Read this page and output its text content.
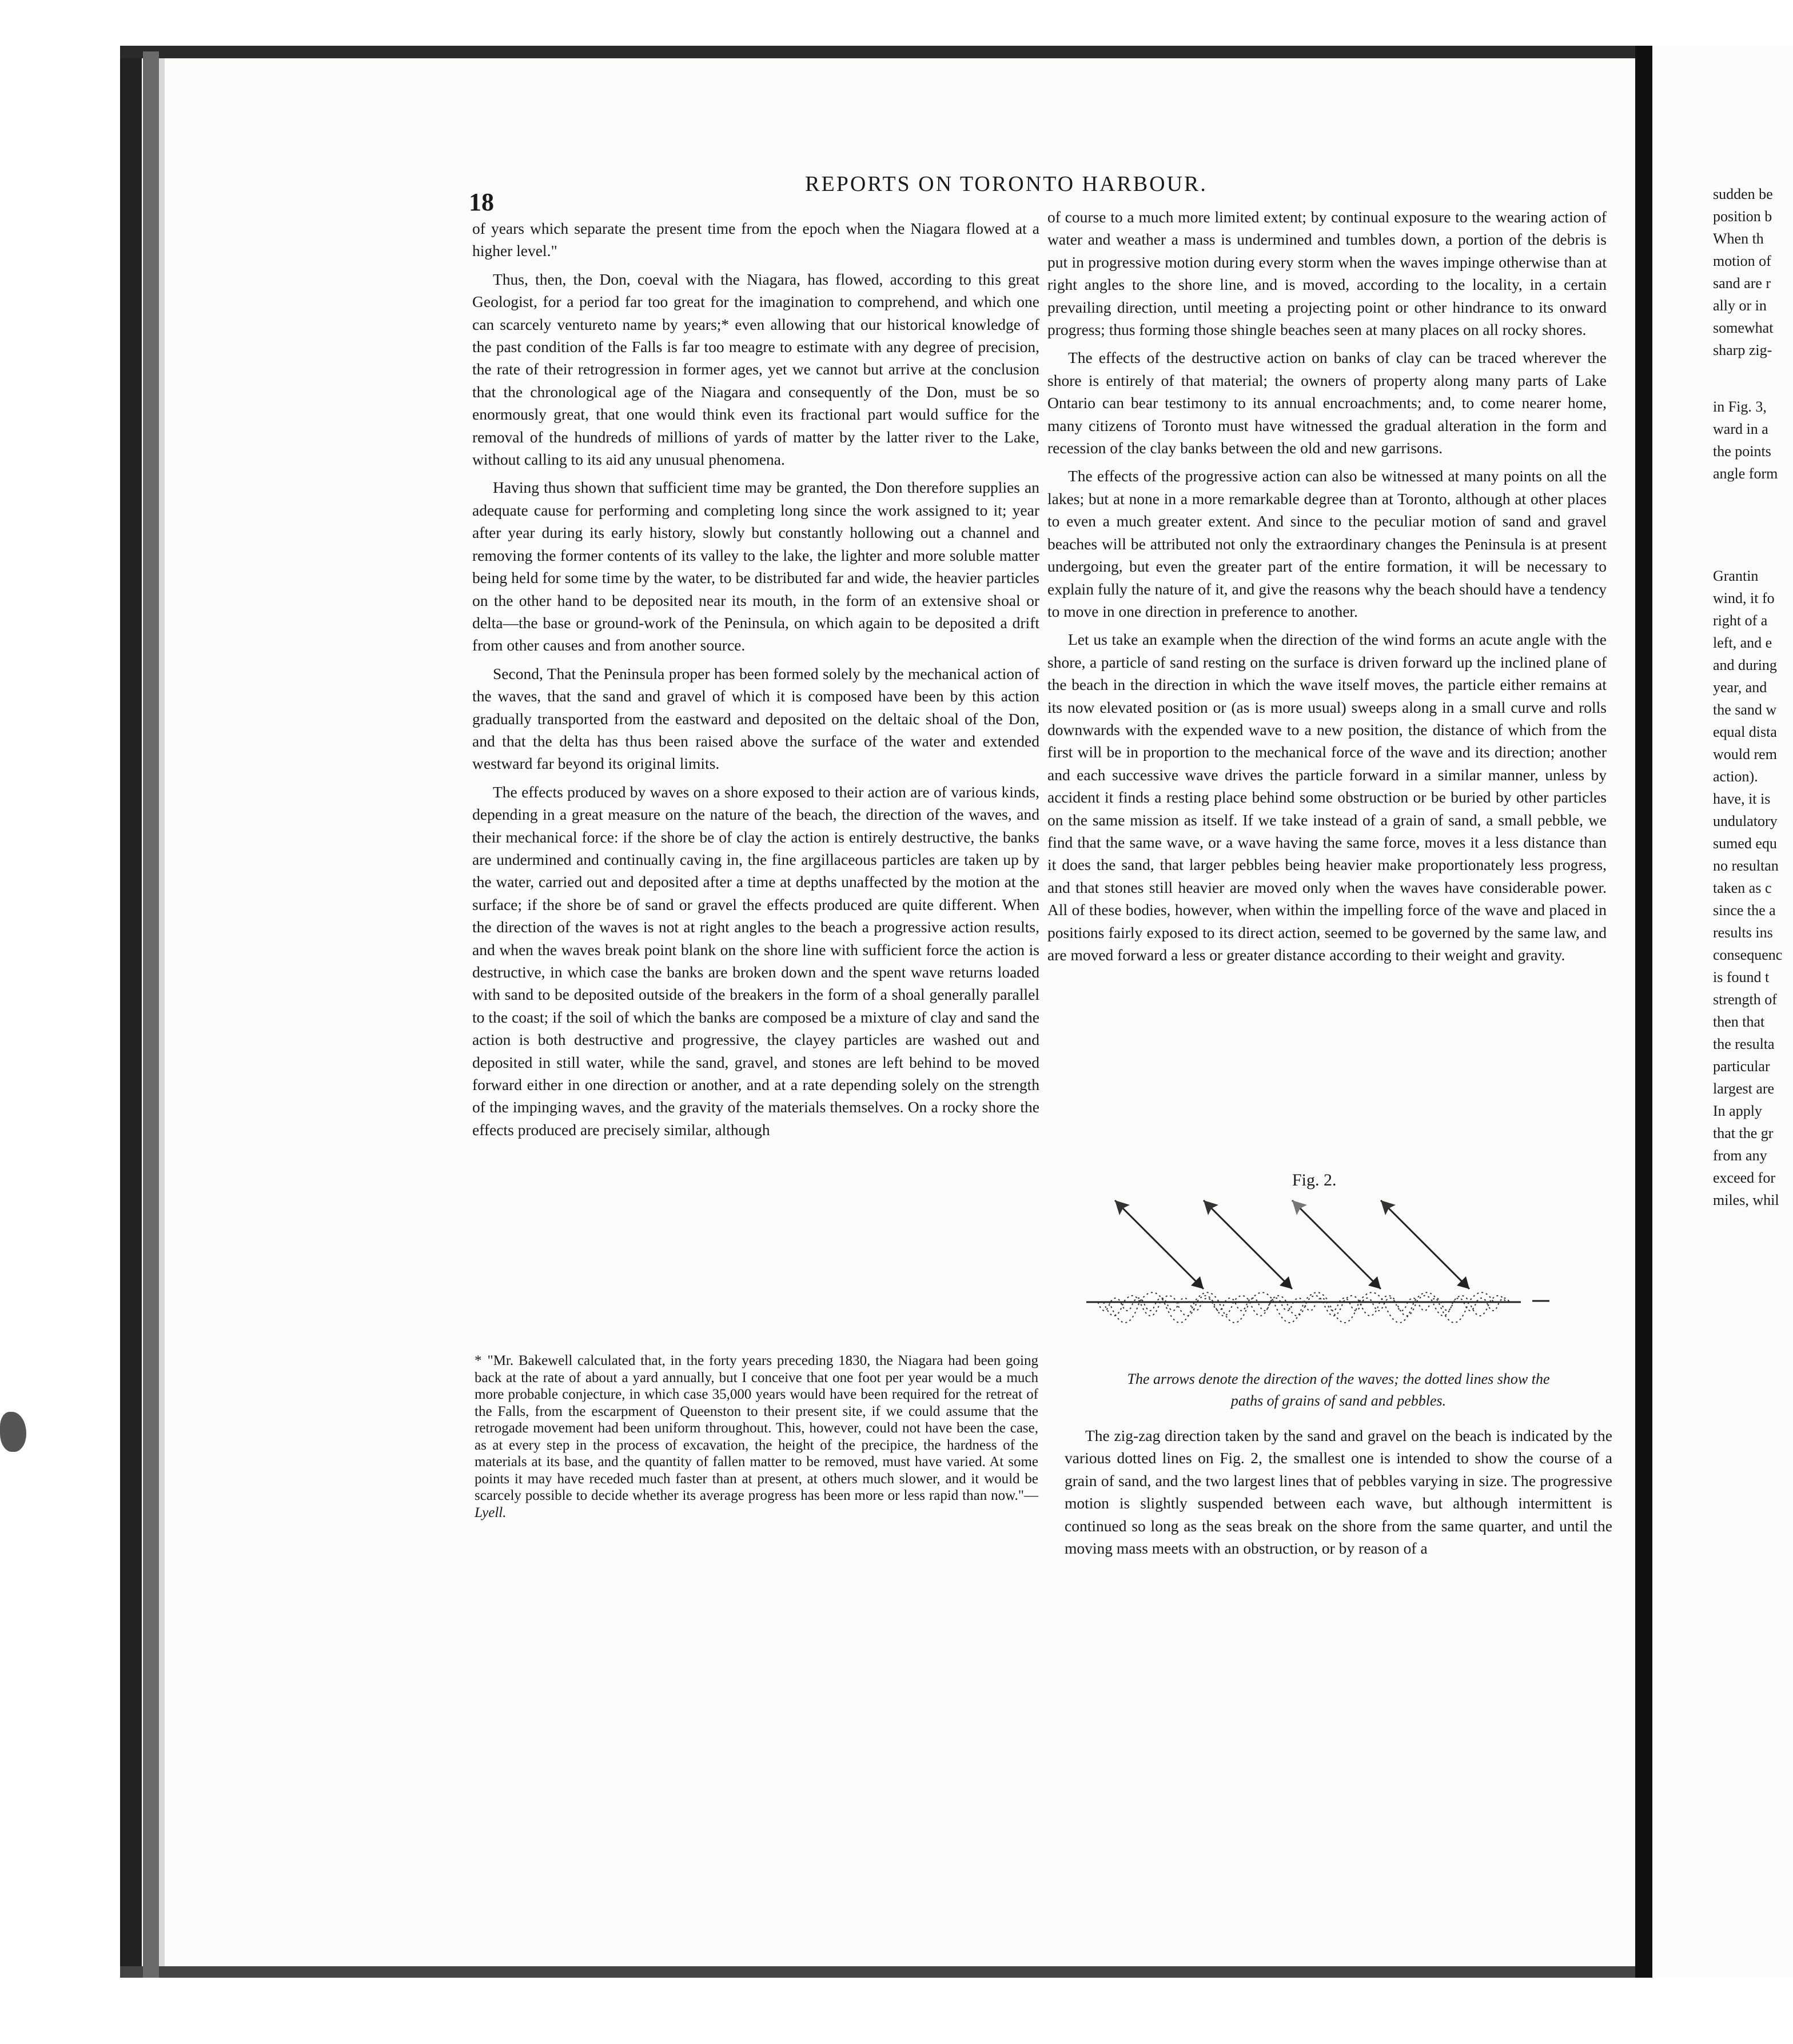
18
REPORTS ON TORONTO HARBOUR.

of years which separate the present time from the epoch when the Niagara flowed at a higher level."

Thus, then, the Don, coeval with the Niagara, has flowed, according to this great Geologist, for a period far too great for the imagination to comprehend, and which one can scarcely ventureto name by years;* even allowing that our historical knowledge of the past condition of the Falls is far too meagre to estimate with any degree of precision, the rate of their retrogression in former ages, yet we cannot but arrive at the conclusion that the chronological age of the Niagara and consequently of the Don, must be so enormously great, that one would think even its fractional part would suffice for the removal of the hundreds of millions of yards of matter by the latter river to the Lake, without calling to its aid any unusual phenomena.

Having thus shown that sufficient time may be granted, the Don therefore supplies an adequate cause for performing and completing long since the work assigned to it; year after year during its early history, slowly but constantly hollowing out a channel and removing the former contents of its valley to the lake, the lighter and more soluble matter being held for some time by the water, to be distributed far and wide, the heavier particles on the other hand to be deposited near its mouth, in the form of an extensive shoal or delta—the base or ground-work of the Peninsula, on which again to be deposited a drift from other causes and from another source.

Second, That the Peninsula proper has been formed solely by the mechanical action of the waves, that the sand and gravel of which it is composed have been by this action gradually transported from the eastward and deposited on the deltaic shoal of the Don, and that the delta has thus been raised above the surface of the water and extended westward far beyond its original limits.

The effects produced by waves on a shore exposed to their action are of various kinds, depending in a great measure on the nature of the beach, the direction of the waves, and their mechanical force: if the shore be of clay the action is entirely destructive, the banks are undermined and continually caving in, the fine argillaceous particles are taken up by the water, carried out and deposited after a time at depths unaffected by the motion at the surface; if the shore be of sand or gravel the effects produced are quite different. When the direction of the waves is not at right angles to the beach a progressive action results, and when the waves break point blank on the shore line with sufficient force the action is destructive, in which case the banks are broken down and the spent wave returns loaded with sand to be deposited outside of the breakers in the form of a shoal generally parallel to the coast; if the soil of which the banks are composed be a mixture of clay and sand the action is both destructive and progressive, the clayey particles are washed out and deposited in still water, while the sand, gravel, and stones are left behind to be moved forward either in one direction or another, and at a rate depending solely on the strength of the impinging waves, and the gravity of the materials themselves. On a rocky shore the effects produced are precisely similar, although

* "Mr. Bakewell calculated that, in the forty years preceding 1830, the Niagara had been going back at the rate of about a yard annually, but I conceive that one foot per year would be a much more probable conjecture, in which case 35,000 years would have been required for the retreat of the Falls, from the escarpment of Queenston to their present site, if we could assume that the retrogade movement had been uniform throughout. This, however, could not have been the case, as at every step in the process of excavation, the height of the precipice, the hardness of the materials at its base, and the quantity of fallen matter to be removed, must have varied. At some points it may have receded much faster than at present, at others much slower, and it would be scarcely possible to decide whether its average progress has been more or less rapid than now."—Lyell.

of course to a much more limited extent; by continual exposure to the wearing action of water and weather a mass is undermined and tumbles down, a portion of the debris is put in progressive motion during every storm when the waves impinge otherwise than at right angles to the shore line, and is moved, according to the locality, in a certain prevailing direction, until meeting a projecting point or other hindrance to its onward progress; thus forming those shingle beaches seen at many places on all rocky shores.

The effects of the destructive action on banks of clay can be traced wherever the shore is entirely of that material; the owners of property along many parts of Lake Ontario can bear testimony to its annual encroachments; and, to come nearer home, many citizens of Toronto must have witnessed the gradual alteration in the form and recession of the clay banks between the old and new garrisons.

The effects of the progressive action can also be witnessed at many points on all the lakes; but at none in a more remarkable degree than at Toronto, although at other places to even a much greater extent. And since to the peculiar motion of sand and gravel beaches will be attributed not only the extraordinary changes the Peninsula is at present undergoing, but even the greater part of the entire formation, it will be necessary to explain fully the nature of it, and give the reasons why the beach should have a tendency to move in one direction in preference to another.

Let us take an example when the direction of the wind forms an acute angle with the shore, a particle of sand resting on the surface is driven forward up the inclined plane of the beach in the direction in which the wave itself moves, the particle either remains at its now elevated position or (as is more usual) sweeps along in a small curve and rolls downwards with the expended wave to a new position, the distance of which from the first will be in proportion to the mechanical force of the wave and its direction; another and each successive wave drives the particle forward in a similar manner, unless by accident it finds a resting place behind some obstruction or be buried by other particles on the same mission as itself. If we take instead of a grain of sand, a small pebble, we find that the same wave, or a wave having the same force, moves it a less distance than it does the sand, that larger pebbles being heavier make proportionately less progress, and that stones still heavier are moved only when the waves have considerable power. All of these bodies, however, when within the impelling force of the wave and placed in positions fairly exposed to its direct action, seemed to be governed by the same law, and are moved forward a less or greater distance according to their weight and gravity.

Fig. 2.
The arrows denote the direction of the waves; the dotted lines show the
paths of grains of sand and pebbles.

The zig-zag direction taken by the sand and gravel on the beach is indicated by the various dotted lines on Fig. 2, the smallest one is intended to show the course of a grain of sand, and the two largest lines that of pebbles varying in size. The progressive motion is slightly suspended between each wave, but although intermittent is continued so long as the seas break on the shore from the same quarter, and until the moving mass meets with an obstruction, or by reason of a

sudden be
position b
When th
motion of
sand are r
ally or in
somewhat
sharp zig-
in Fig. 3,
ward in a
the points
angle form
Grantin
wind, it fo
right of a
left, and e
and during
year, and
the sand w
equal dista
would rem
action).
have, it is
undulatory
sumed equ
no resultan
taken as c
since the a
results ins
consequenc
is found t
strength of
then that
the resulta
particular
largest are
In apply
that the gr
from any
exceed for
miles, whil
